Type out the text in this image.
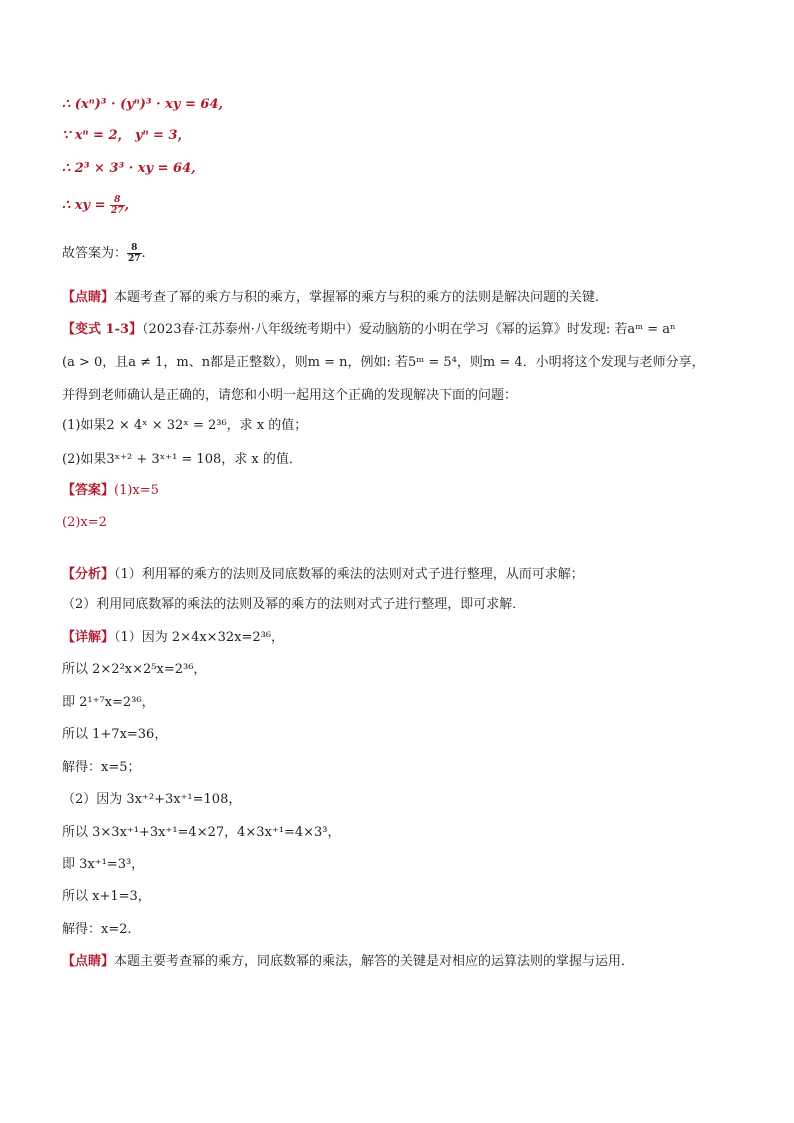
∴ (xⁿ)³ · (yⁿ)³ · xy = 64,

∵ xⁿ = 2， yⁿ = 3，

∴ 2³ × 3³ · xy = 64,

∴ xy = $\frac{8}{27}$ ,

故答案为： $\frac{8}{27}$ .

【点睛】本题考查了幂的乘方与积的乘方，掌握幂的乘方与积的乘方的法则是解决问题的关键．

【变式 1-3】（2023春·江苏泰州·八年级统考期中）爱动脑筋的小明在学习《幂的运算》时发现: 若aᵐ = aⁿ

(a > 0，且a ≠ 1，m、n都是正整数），则m = n，例如: 若5ᵐ = 5⁴，则m = 4．小明将这个发现与老师分享，

并得到老师确认是正确的，请您和小明一起用这个正确的发现解决下面的问题：

(1)如果2 × 4ˣ × 32ˣ = 2³⁶，求 x 的值；

(2)如果3ˣ⁺² + 3ˣ⁺¹ = 108，求 x 的值．

【答案】(1)x=5

(2)x=2

【分析】（1）利用幂的乘方的法则及同底数幂的乘法的法则对式子进行整理，从而可求解；

（2）利用同底数幂的乘法的法则及幂的乘方的法则对式子进行整理，即可求解．

【详解】（1）因为 2×4x×32x=2³⁶，

所以 2×2²x×2⁵x=2³⁶，

即 2¹⁺⁷x=2³⁶，

所以 1+7x=36，

解得：x=5；

（2）因为 3x⁺²+3x⁺¹=108，

所以 3×3x⁺¹+3x⁺¹=4×27，4×3x⁺¹=4×3³，

即 3x⁺¹=3³，

所以 x+1=3，

解得：x=2．

【点睛】本题主要考查幂的乘方，同底数幂的乘法，解答的关键是对相应的运算法则的掌握与运用．
